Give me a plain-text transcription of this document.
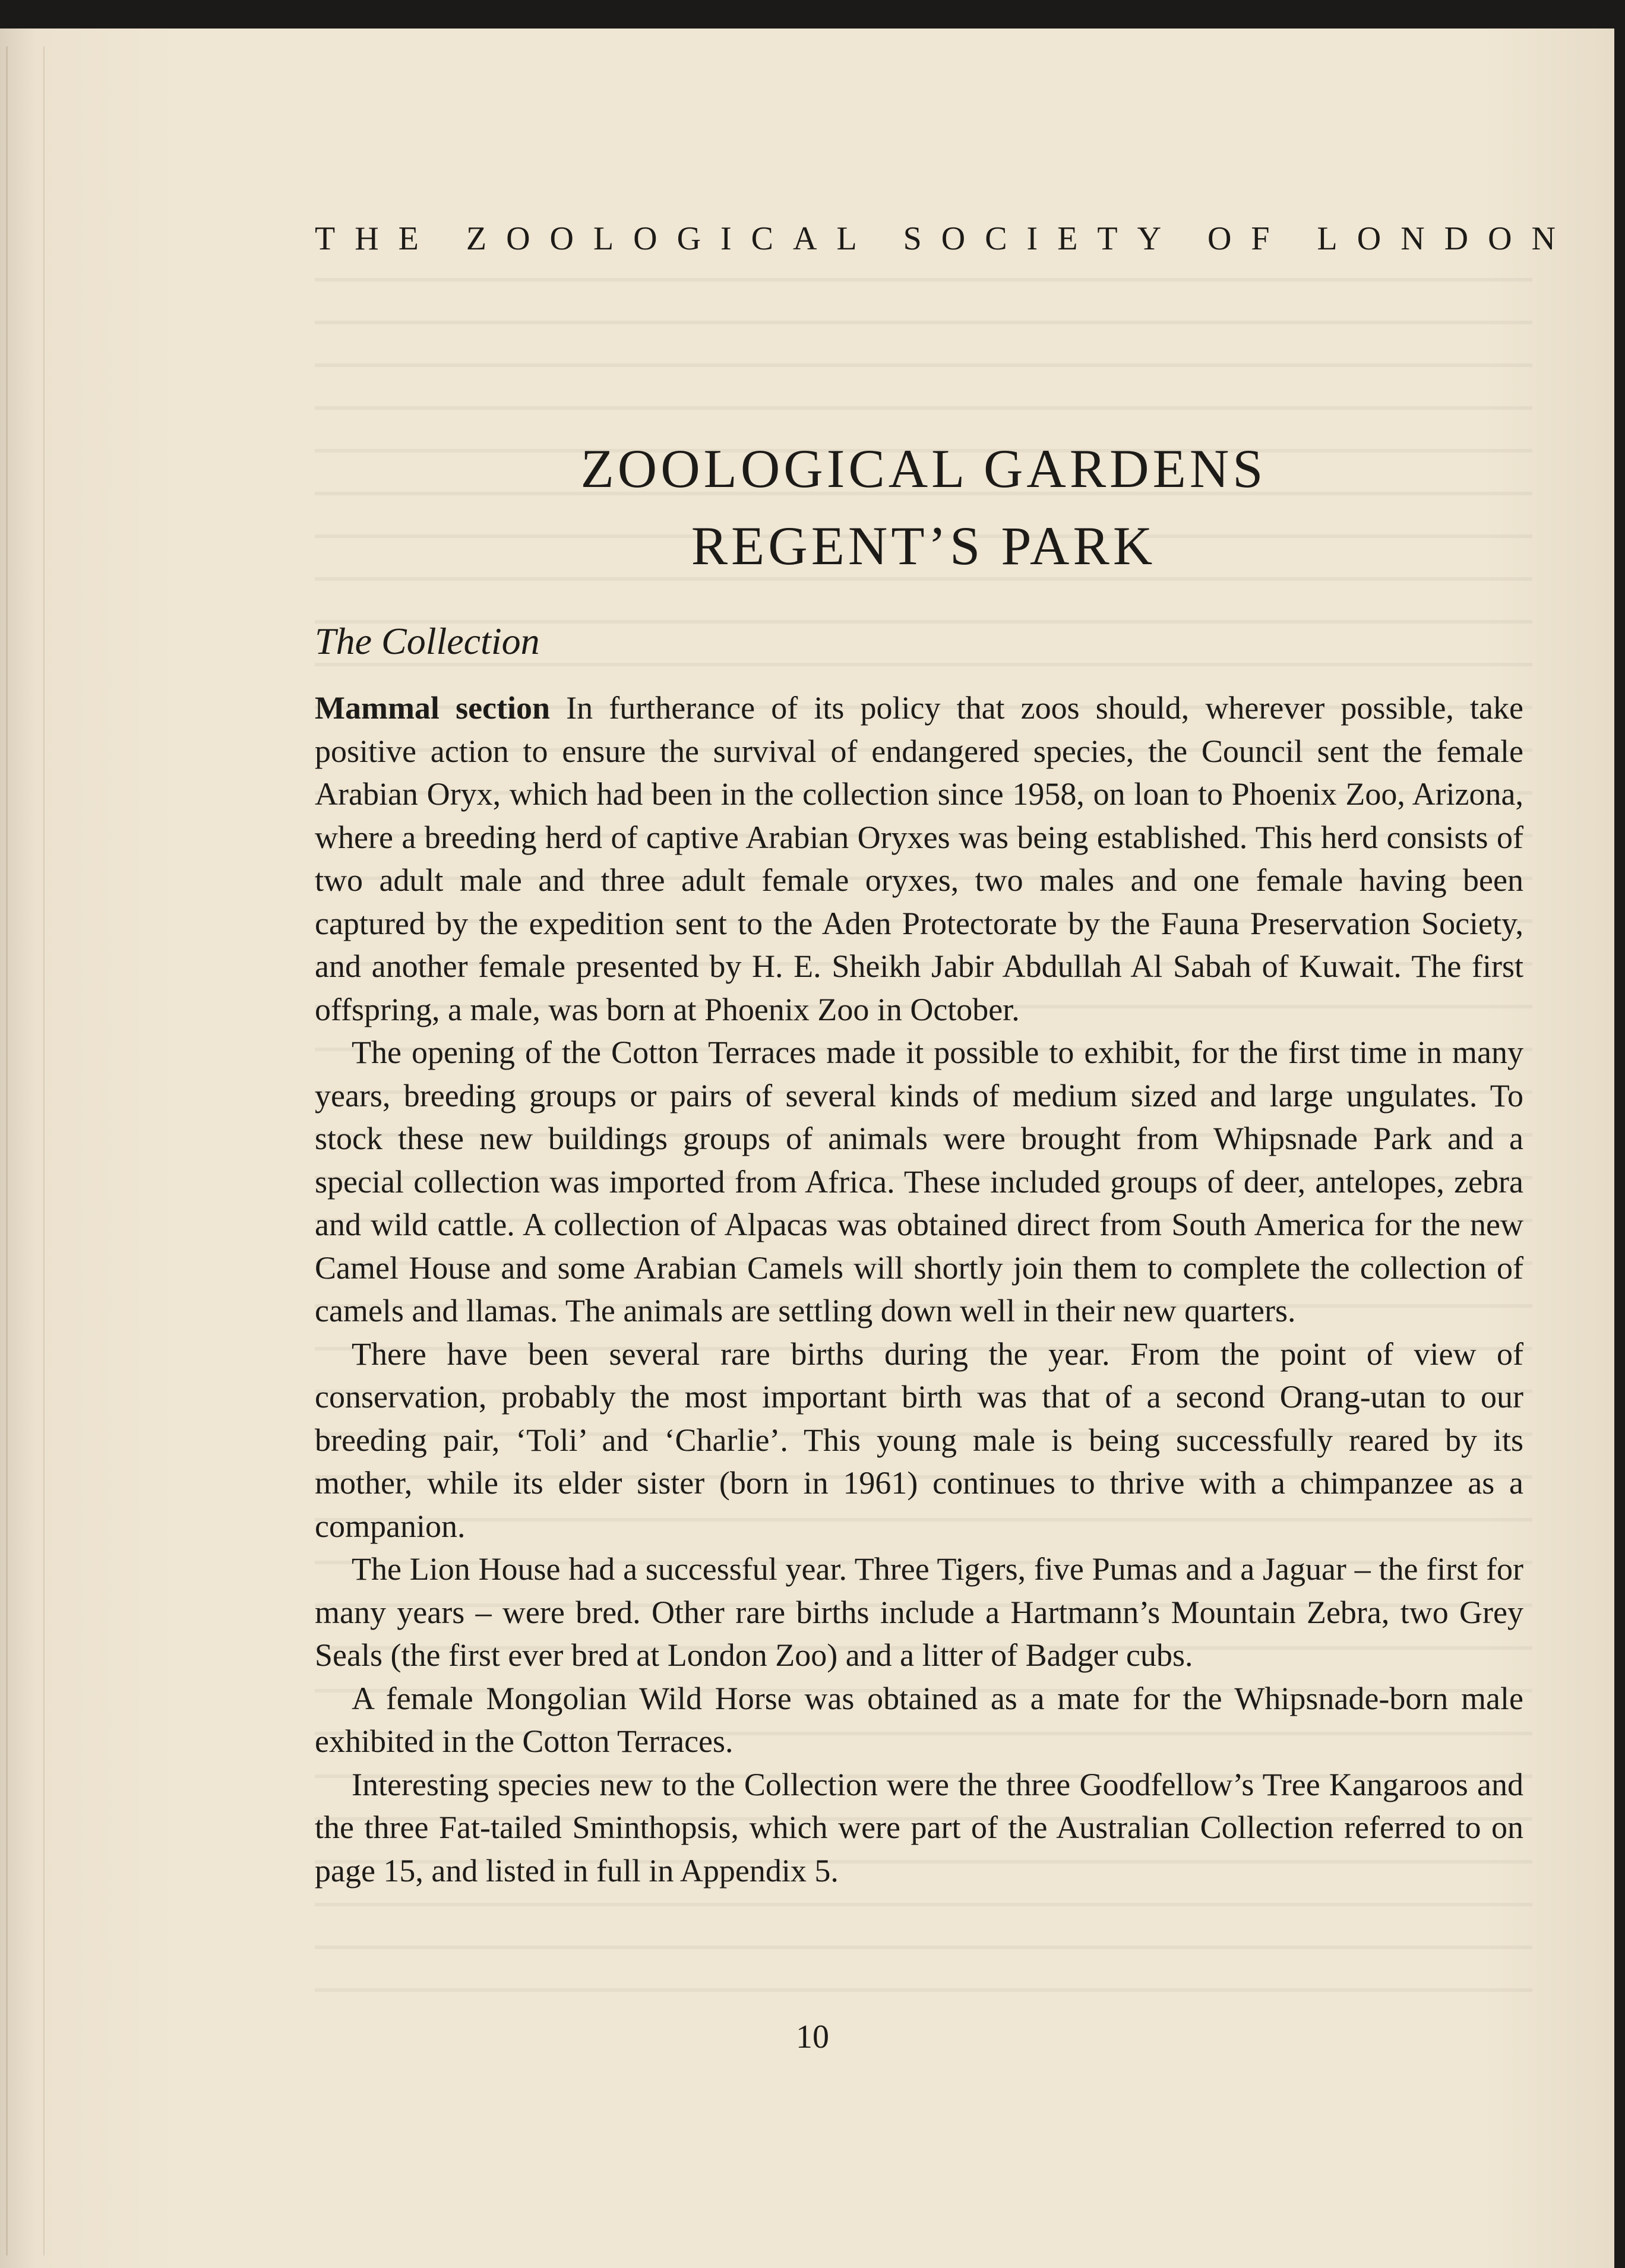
THE ZOOLOGICAL SOCIETY OF LONDON
ZOOLOGICAL GARDENS
REGENT’S PARK
The Collection

Mammal section In furtherance of its policy that zoos should, wherever possible, take positive action to ensure the survival of endangered species, the Council sent the female Arabian Oryx, which had been in the collection since 1958, on loan to Phoenix Zoo, Arizona, where a breeding herd of captive Arabian Oryxes was being established. This herd consists of two adult male and three adult female oryxes, two males and one female having been captured by the expedition sent to the Aden Protectorate by the Fauna Preservation Society, and another female presented by H. E. Sheikh Jabir Abdullah Al Sabah of Kuwait. The first offspring, a male, was born at Phoenix Zoo in October.

The opening of the Cotton Terraces made it possible to exhibit, for the first time in many years, breeding groups or pairs of several kinds of medium sized and large ungulates. To stock these new buildings groups of animals were brought from Whipsnade Park and a special collection was imported from Africa. These included groups of deer, antelopes, zebra and wild cattle. A collection of Alpacas was obtained direct from South America for the new Camel House and some Arabian Camels will shortly join them to complete the collection of camels and llamas. The animals are settling down well in their new quarters.

There have been several rare births during the year. From the point of view of conservation, probably the most important birth was that of a second Orang-utan to our breeding pair, ‘Toli’ and ‘Charlie’. This young male is being successfully reared by its mother, while its elder sister (born in 1961) continues to thrive with a chimpanzee as a companion.

The Lion House had a successful year. Three Tigers, five Pumas and a Jaguar – the first for many years – were bred. Other rare births include a Hartmann’s Mountain Zebra, two Grey Seals (the first ever bred at London Zoo) and a litter of Badger cubs.

A female Mongolian Wild Horse was obtained as a mate for the Whipsnade-born male exhibited in the Cotton Terraces.

Interesting species new to the Collection were the three Goodfellow’s Tree Kangaroos and the three Fat-tailed Sminthopsis, which were part of the Australian Collection referred to on page 15, and listed in full in Appendix 5.

10
